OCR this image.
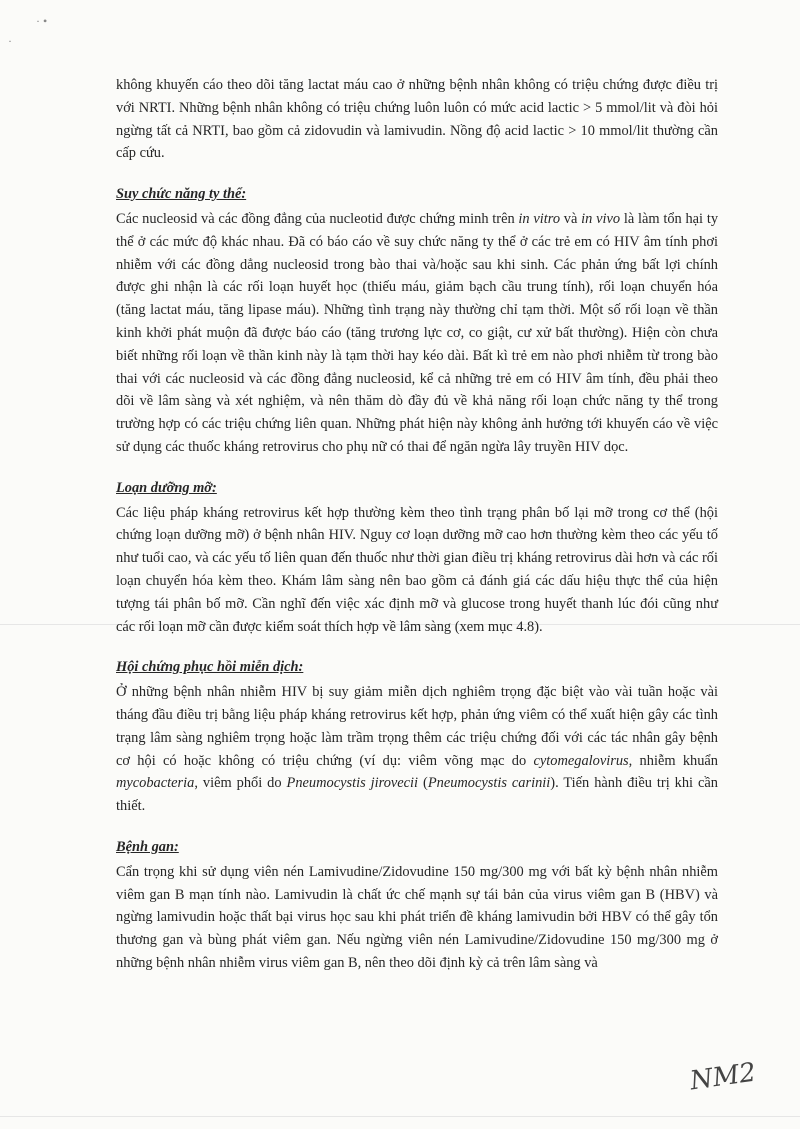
· •
·

không khuyến cáo theo dõi tăng lactat máu cao ở những bệnh nhân không có triệu chứng được điều trị với NRTI. Những bệnh nhân không có triệu chứng luôn luôn có mức acid lactic > 5 mmol/lit và đòi hỏi ngừng tất cả NRTI, bao gồm cả zidovudin và lamivudin. Nồng độ acid lactic > 10 mmol/lit thường cần cấp cứu.

Suy chức năng ty thể:

Các nucleosid và các đồng đẳng của nucleotid được chứng minh trên in vitro và in vivo là làm tổn hại ty thể ở các mức độ khác nhau. Đã có báo cáo về suy chức năng ty thể ở các trẻ em có HIV âm tính phơi nhiễm với các đồng dẳng nucleosid trong bào thai và/hoặc sau khi sinh. Các phản ứng bất lợi chính được ghi nhận là các rối loạn huyết học (thiếu máu, giảm bạch cầu trung tính), rối loạn chuyển hóa (tăng lactat máu, tăng lipase máu). Những tình trạng này thường chỉ tạm thời. Một số rối loạn về thần kinh khởi phát muộn đã được báo cáo (tăng trương lực cơ, co giật, cư xử bất thường). Hiện còn chưa biết những rối loạn về thần kinh này là tạm thời hay kéo dài. Bất kì trẻ em nào phơi nhiễm từ trong bào thai với các nucleosid và các đồng đẳng nucleosid, kể cả những trẻ em có HIV âm tính, đều phải theo dõi về lâm sàng và xét nghiệm, và nên thăm dò đầy đủ về khả năng rối loạn chức năng ty thể trong trường hợp có các triệu chứng liên quan. Những phát hiện này không ảnh hưởng tới khuyến cáo về việc sử dụng các thuốc kháng retrovirus cho phụ nữ có thai để ngăn ngừa lây truyền HIV dọc.

Loạn dưỡng mỡ:

Các liệu pháp kháng retrovirus kết hợp thường kèm theo tình trạng phân bố lại mỡ trong cơ thể (hội chứng loạn dưỡng mỡ) ở bệnh nhân HIV. Nguy cơ loạn dưỡng mỡ cao hơn thường kèm theo các yếu tố như tuổi cao, và các yếu tố liên quan đến thuốc như thời gian điều trị kháng retrovirus dài hơn và các rối loạn chuyển hóa kèm theo. Khám lâm sàng nên bao gồm cả đánh giá các dấu hiệu thực thể của hiện tượng tái phân bố mỡ. Cần nghĩ đến việc xác định mỡ và glucose trong huyết thanh lúc đói cũng như các rối loạn mỡ cần được kiểm soát thích hợp về lâm sàng (xem mục 4.8).

Hội chứng phục hồi miễn dịch:

Ở những bệnh nhân nhiễm HIV bị suy giảm miễn dịch nghiêm trọng đặc biệt vào vài tuần hoặc vài tháng đầu điều trị bằng liệu pháp kháng retrovirus kết hợp, phản ứng viêm có thể xuất hiện gây các tình trạng lâm sàng nghiêm trọng hoặc làm trầm trọng thêm các triệu chứng đối với các tác nhân gây bệnh cơ hội có hoặc không có triệu chứng (ví dụ: viêm võng mạc do cytomegalovirus, nhiễm khuẩn mycobacteria, viêm phổi do Pneumocystis jirovecii (Pneumocystis carinii). Tiến hành điều trị khi cần thiết.

Bệnh gan:

Cẩn trọng khi sử dụng viên nén Lamivudine/Zidovudine 150 mg/300 mg với bất kỳ bệnh nhân nhiễm viêm gan B mạn tính nào. Lamivudin là chất ức chế mạnh sự tái bản của virus viêm gan B (HBV) và ngừng lamivudin hoặc thất bại virus học sau khi phát triển đề kháng lamivudin bởi HBV có thể gây tổn thương gan và bùng phát viêm gan. Nếu ngừng viên nén Lamivudine/Zidovudine 150 mg/300 mg ở những bệnh nhân nhiễm virus viêm gan B, nên theo dõi định kỳ cả trên lâm sàng và

NM2
